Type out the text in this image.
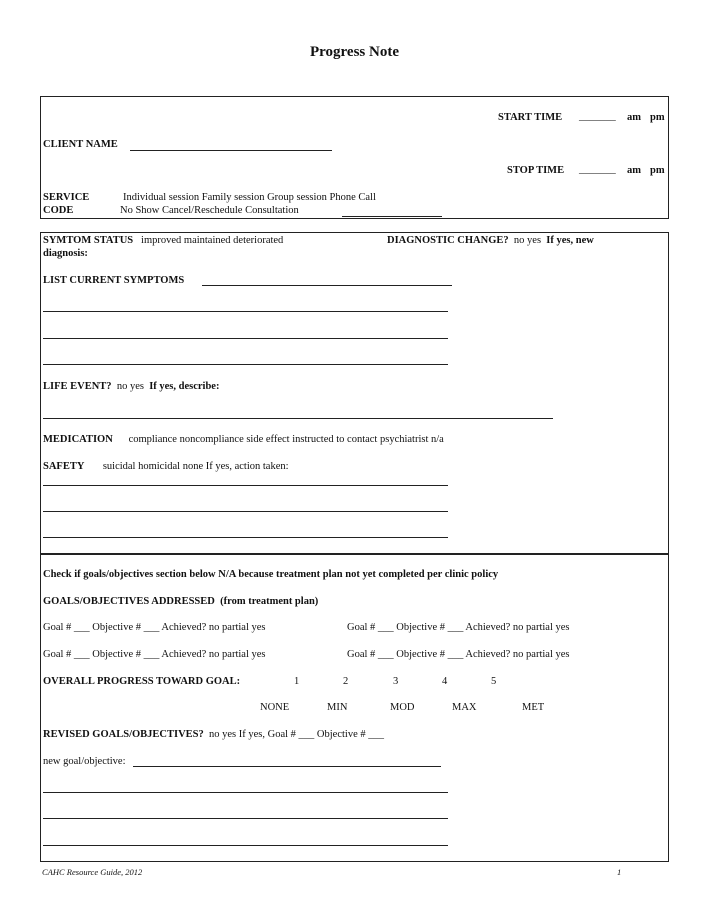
Progress Note
START TIME _______ am pm
CLIENT NAME
STOP TIME _______ am pm
SERVICE
CODE
Individual session Family session Group session Phone Call
No Show Cancel/Reschedule Consultation
SYMTOM STATUS improved maintained deteriorated	DIAGNOSTIC CHANGE? no yes If yes, new
diagnosis:
LIST CURRENT SYMPTOMS
LIFE EVENT? no yes If yes, describe:
MEDICATION compliance noncompliance side effect instructed to contact psychiatrist n/a
SAFETY suicidal homicidal none If yes, action taken:
Check if goals/objectives section below N/A because treatment plan not yet completed per clinic policy
GOALS/OBJECTIVES ADDRESSED (from treatment plan)
Goal # ___ Objective # ___ Achieved? no partial yes	Goal # ___ Objective # ___ Achieved? no partial yes
Goal # ___ Objective # ___ Achieved? no partial yes	Goal # ___ Objective # ___ Achieved? no partial yes
OVERALL PROGRESS TOWARD GOAL:	1	2	3	4	5
NONE	MIN	MOD	MAX	MET
REVISED GOALS/OBJECTIVES? no yes If yes, Goal # ___ Objective # ___
new goal/objective:
CAHC Resource Guide, 2012	1
